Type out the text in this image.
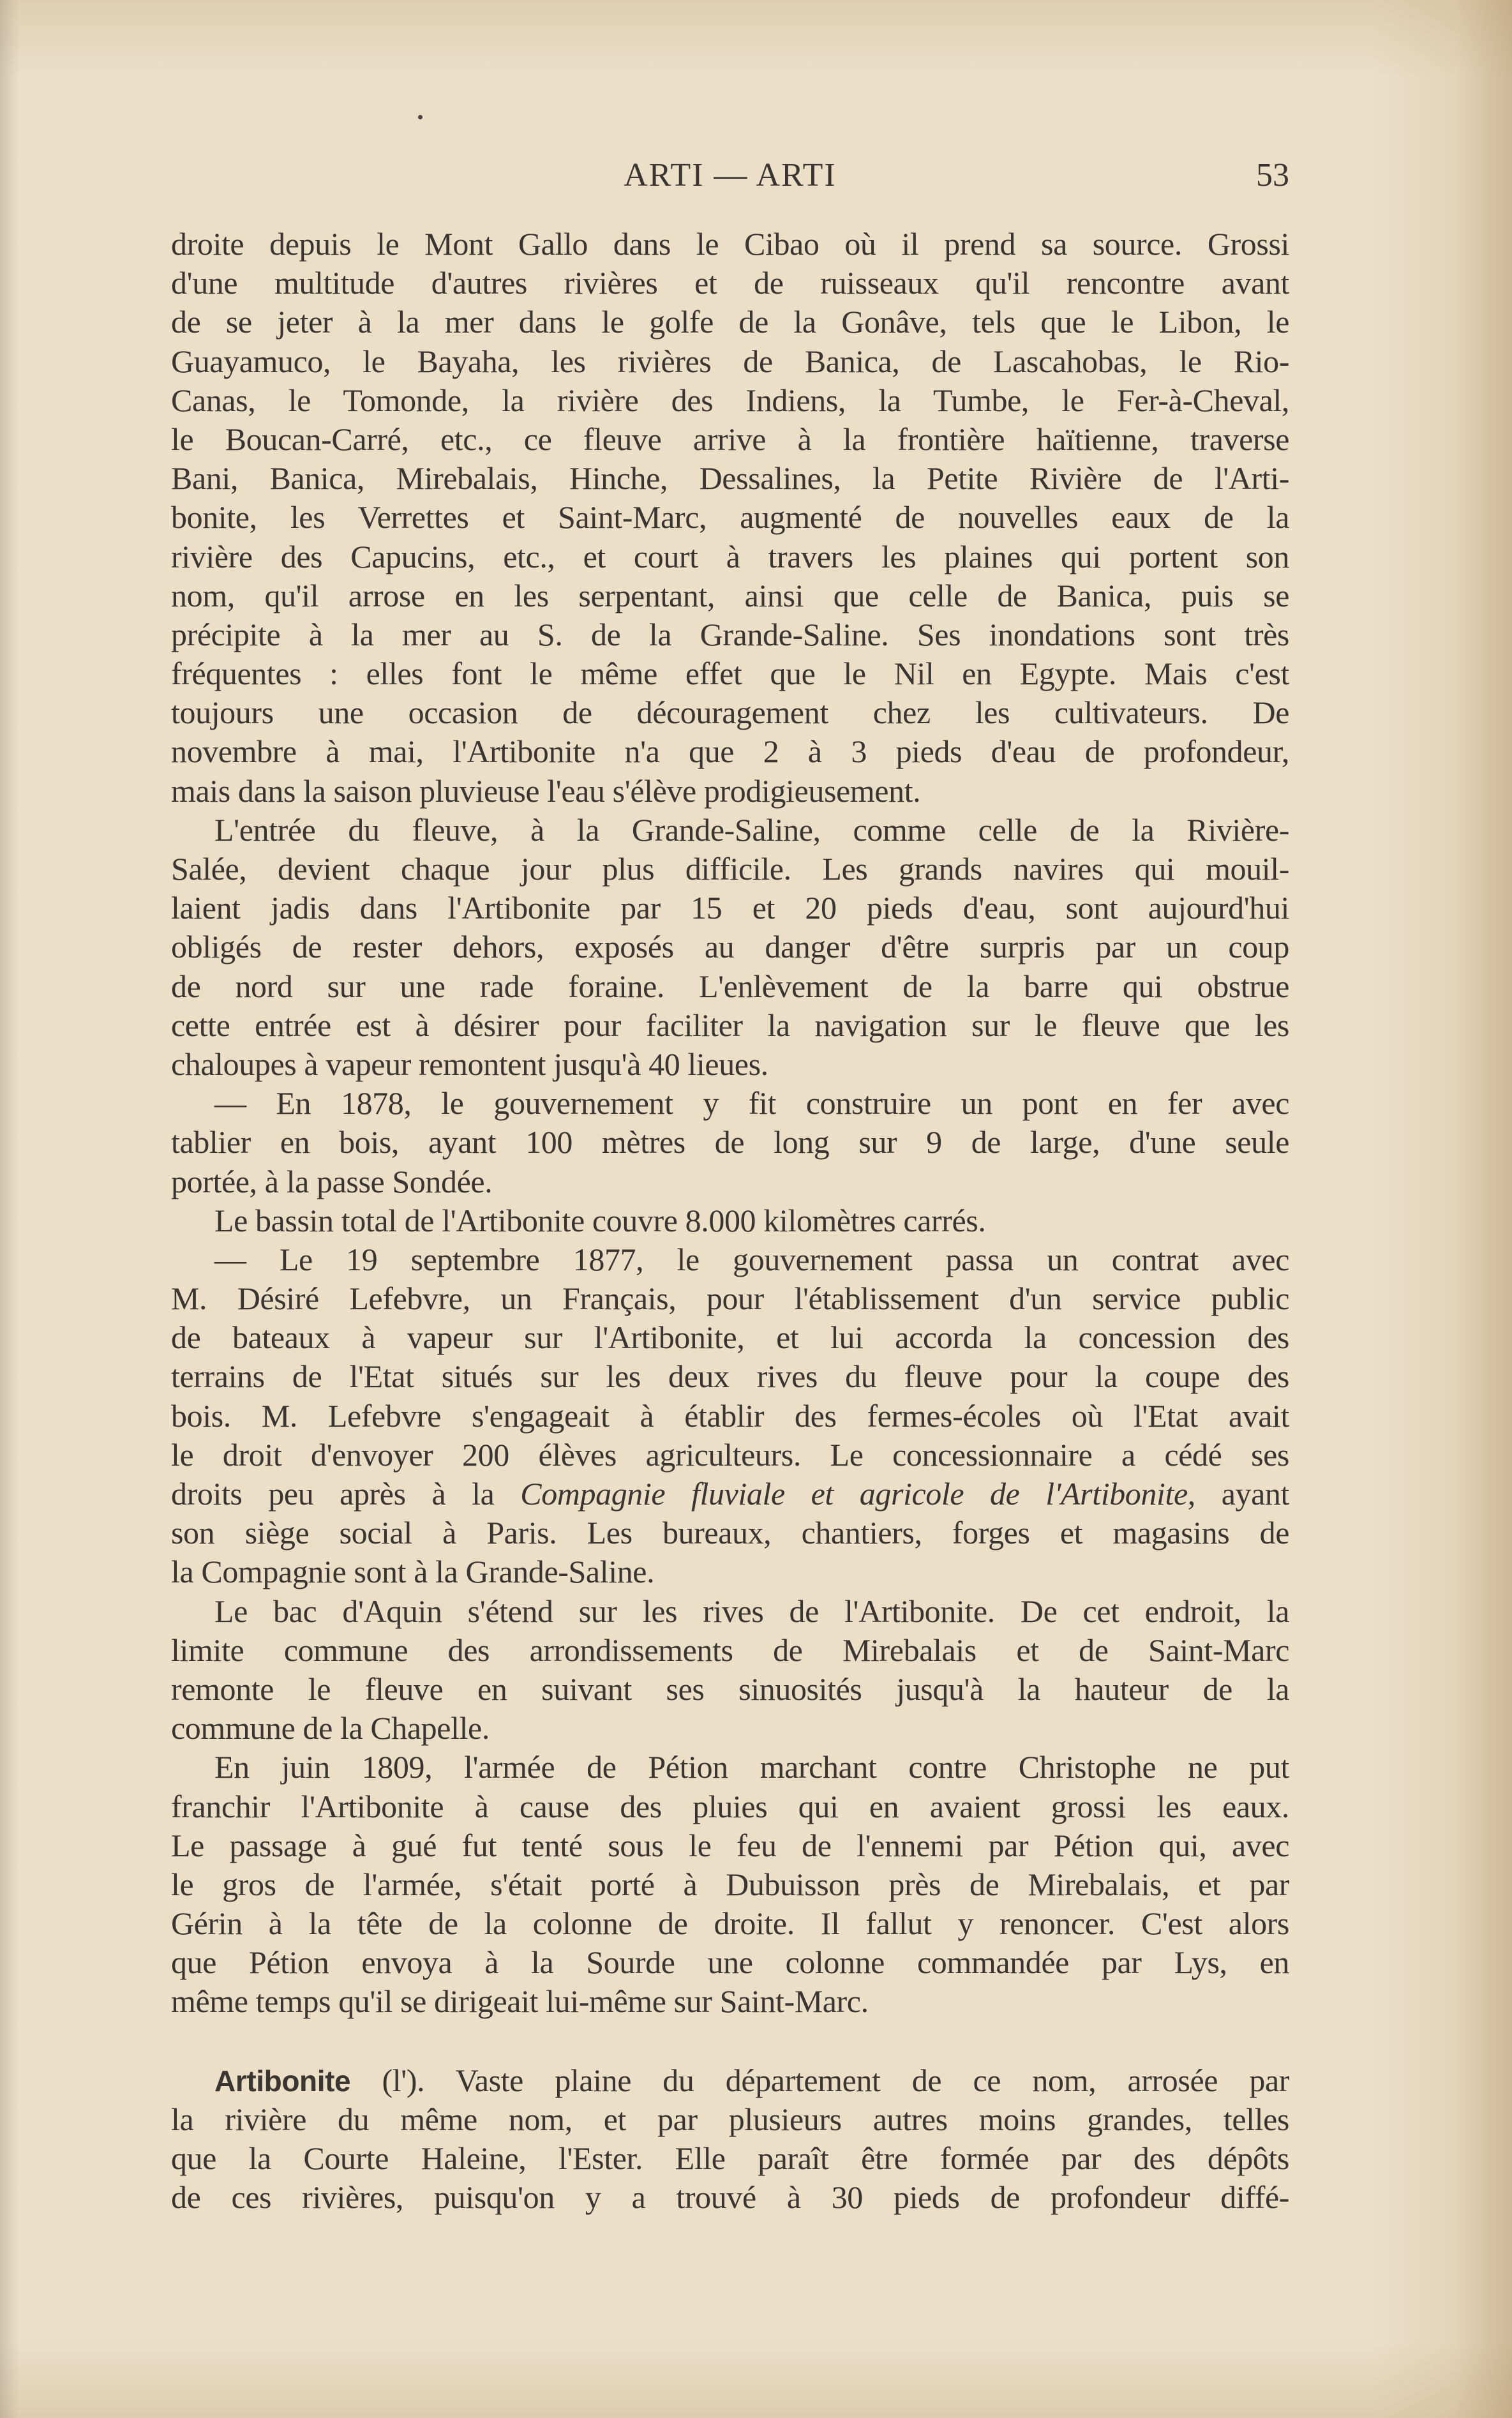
ARTI — ARTI	53
droite depuis le Mont Gallo dans le Cibao où il prend sa source. Grossi
d'une multitude d'autres rivières et de ruisseaux qu'il rencontre avant
de se jeter à la mer dans le golfe de la Gonâve, tels que le Libon, le
Guayamuco, le Bayaha, les rivières de Banica, de Lascahobas, le Rio-
Canas, le Tomonde, la rivière des Indiens, la Tumbe, le Fer-à-Cheval,
le Boucan-Carré, etc., ce fleuve arrive à la frontière haïtienne, traverse
Bani, Banica, Mirebalais, Hinche, Dessalines, la Petite Rivière de l'Arti-
bonite, les Verrettes et Saint-Marc, augmenté de nouvelles eaux de la
rivière des Capucins, etc., et court à travers les plaines qui portent son
nom, qu'il arrose en les serpentant, ainsi que celle de Banica, puis se
précipite à la mer au S. de la Grande-Saline. Ses inondations sont très
fréquentes : elles font le même effet que le Nil en Egypte. Mais c'est
toujours une occasion de découragement chez les cultivateurs. De
novembre à mai, l'Artibonite n'a que 2 à 3 pieds d'eau de profondeur,
mais dans la saison pluvieuse l'eau s'élève prodigieusement.
L'entrée du fleuve, à la Grande-Saline, comme celle de la Rivière-
Salée, devient chaque jour plus difficile. Les grands navires qui mouil-
laient jadis dans l'Artibonite par 15 et 20 pieds d'eau, sont aujourd'hui
obligés de rester dehors, exposés au danger d'être surpris par un coup
de nord sur une rade foraine. L'enlèvement de la barre qui obstrue
cette entrée est à désirer pour faciliter la navigation sur le fleuve que les
chaloupes à vapeur remontent jusqu'à 40 lieues.
— En 1878, le gouvernement y fit construire un pont en fer avec
tablier en bois, ayant 100 mètres de long sur 9 de large, d'une seule
portée, à la passe Sondée.
Le bassin total de l'Artibonite couvre 8.000 kilomètres carrés.
— Le 19 septembre 1877, le gouvernement passa un contrat avec
M. Désiré Lefebvre, un Français, pour l'établissement d'un service public
de bateaux à vapeur sur l'Artibonite, et lui accorda la concession des
terrains de l'Etat situés sur les deux rives du fleuve pour la coupe des
bois. M. Lefebvre s'engageait à établir des fermes-écoles où l'Etat avait
le droit d'envoyer 200 élèves agriculteurs. Le concessionnaire a cédé ses
droits peu après à la Compagnie fluviale et agricole de l'Artibonite, ayant
son siège social à Paris. Les bureaux, chantiers, forges et magasins de
la Compagnie sont à la Grande-Saline.
Le bac d'Aquin s'étend sur les rives de l'Artibonite. De cet endroit, la
limite commune des arrondissements de Mirebalais et de Saint-Marc
remonte le fleuve en suivant ses sinuosités jusqu'à la hauteur de la
commune de la Chapelle.
En juin 1809, l'armée de Pétion marchant contre Christophe ne put
franchir l'Artibonite à cause des pluies qui en avaient grossi les eaux.
Le passage à gué fut tenté sous le feu de l'ennemi par Pétion qui, avec
le gros de l'armée, s'était porté à Dubuisson près de Mirebalais, et par
Gérin à la tête de la colonne de droite. Il fallut y renoncer. C'est alors
que Pétion envoya à la Sourde une colonne commandée par Lys, en
même temps qu'il se dirigeait lui-même sur Saint-Marc.
Artibonite (l'). Vaste plaine du département de ce nom, arrosée par
la rivière du même nom, et par plusieurs autres moins grandes, telles
que la Courte Haleine, l'Ester. Elle paraît être formée par des dépôts
de ces rivières, puisqu'on y a trouvé à 30 pieds de profondeur diffé-
